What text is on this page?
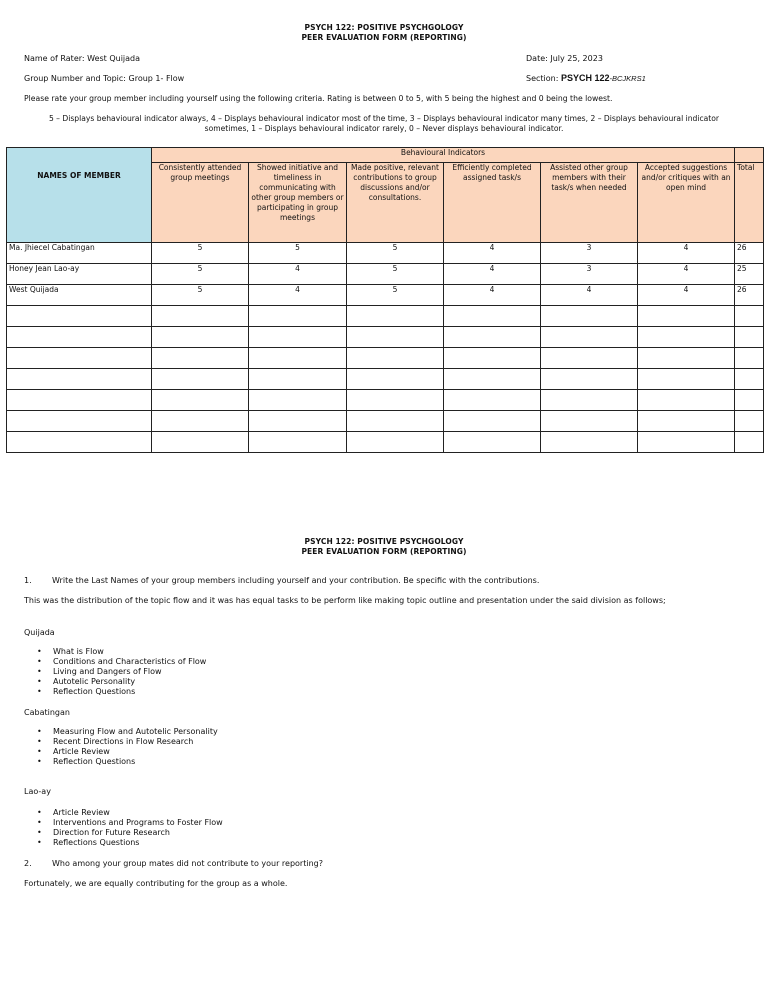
PSYCH 122: POSITIVE PSYCHGOLOGY
PEER EVALUATION FORM (REPORTING)
Name of Rater: West Quijada	Date: July 25, 2023
Group Number and Topic: Group 1- Flow	Section: PSYCH 122-BCJKRS1
Please rate your group member including yourself using the following criteria. Rating is between 0 to 5, with 5 being the highest and 0 being the lowest.
5 – Displays behavioural indicator always, 4 – Displays behavioural indicator most of the time, 3 – Displays behavioural indicator many times, 2 – Displays behavioural indicator
sometimes, 1 – Displays behavioural indicator rarely, 0 – Never displays behavioural indicator.
NAMES OF MEMBER	Behavioural Indicators						
	Consistently attended group meetings	Showed initiative and timeliness in communicating with other group members or participating in group meetings	Made positive, relevant contributions to group discussions and/or consultations.	Efficiently completed assigned task/s	Assisted other group members with their task/s when needed	Accepted suggestions and/or critiques with an open mind	Total
Ma. Jhiecel Cabatingan	5	5	5	4	3	4	26
Honey Jean Lao-ay	5	4	5	4	3	4	25
West Quijada	5	4	5	4	4	4	26

PSYCH 122: POSITIVE PSYCHGOLOGY
PEER EVALUATION FORM (REPORTING)
1.	Write the Last Names of your group members including yourself and your contribution. Be specific with the contributions.
This was the distribution of the topic flow and it was has equal tasks to be perform like making topic outline and presentation under the said division as follows;
Quijada
• What is Flow
• Conditions and Characteristics of Flow
• Living and Dangers of Flow
• Autotelic Personality
• Reflection Questions
Cabatingan
• Measuring Flow and Autotelic Personality
• Recent Directions in Flow Research
• Article Review
• Reflection Questions
Lao-ay
• Article Review
• Interventions and Programs to Foster Flow
• Direction for Future Research
• Reflections Questions
2.	Who among your group mates did not contribute to your reporting?
Fortunately, we are equally contributing for the group as a whole.
